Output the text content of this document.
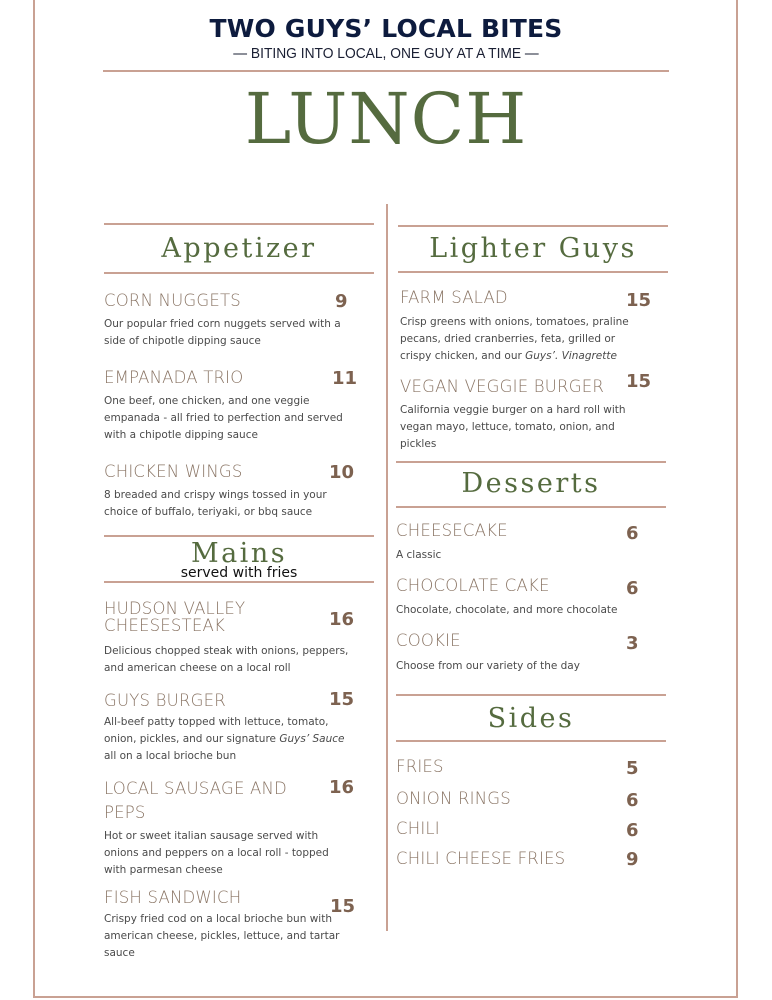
TWO GUYS’ LOCAL BITES
— BITING INTO LOCAL, ONE GUY AT A TIME —
LUNCH
Appetizer
CORN NUGGETS	9
Our popular fried corn nuggets served with a side of chipotle dipping sauce
EMPANADA TRIO	11
One beef, one chicken, and one veggie empanada - all fried to perfection and served with a chipotle dipping sauce
CHICKEN WINGS	10
8 breaded and crispy wings tossed in your choice of buffalo, teriyaki, or bbq sauce
Mains
served with fries
HUDSON VALLEY CHEESESTEAK	16
Delicious chopped steak with onions, peppers, and american cheese on a local roll
GUYS BURGER	15
All-beef patty topped with lettuce, tomato, onion, pickles, and our signature Guys’ Sauce all on a local brioche bun
LOCAL SAUSAGE AND PEPS
16
Hot or sweet italian sausage served with onions and peppers on a local roll - topped with parmesan cheese
FISH SANDWICH	15
Crispy fried cod on a local brioche bun with american cheese, pickles, lettuce, and tartar sauce
Lighter Guys
FARM SALAD	15
Crisp greens with onions, tomatoes, praline pecans, dried cranberries, feta, grilled or crispy chicken, and our Guys’. Vinagrette
VEGAN VEGGIE BURGER 15
California veggie burger on a hard roll with vegan mayo, lettuce, tomato, onion, and pickles
Desserts
CHEESECAKE	6
A classic
CHOCOLATE CAKE	6
Chocolate, chocolate, and more chocolate
COOKIE	3
Choose from our variety of the day
Sides
FRIES	5
ONION RINGS	6
CHILI	6
CHILI CHEESE FRIES	9
